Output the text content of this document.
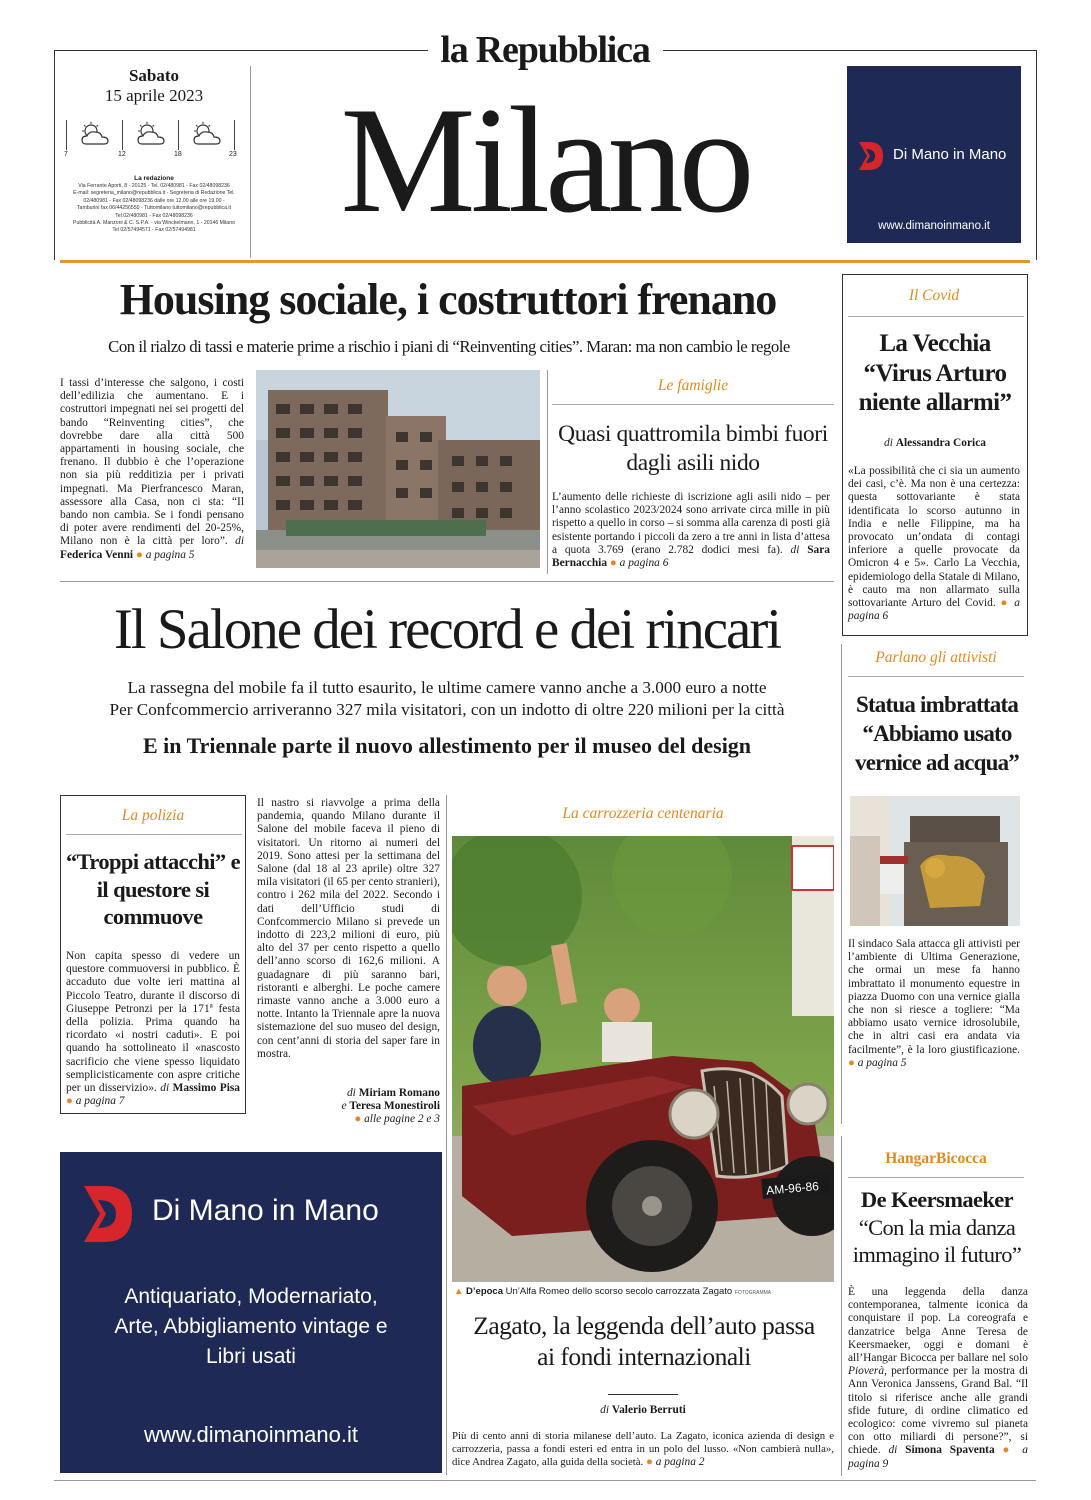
la Repubblica
Milano
Sabato
15 aprile 2023
7	12	18	23
La redazione
Via Ferrante Aporti, 8 - 20125 - Tel. 02/480981 - Fax 02/48098236
E-mail: segreteria_milano@repubblica.it - Segreteria di Redazione Tel.
02/480981 - Fax 02/48098236 dalle ore 12.00 alle ore 19.00 -
Tamburini fax 06/44256550 - Tuttomilano tuttomilano@repubblica.it
Tel.02/480981 - Fax 02/48098236
Pubblicità A. Manzoni & C. S.P.A. - via Winckelmann, 1 - 20146 Milano
Tel 02/57494571 - Fax 02/57494981
Di Mano in Mano
www.dimanoinmano.it
Housing sociale, i costruttori frenano
Con il rialzo di tassi e materie prime a rischio i piani di “Reinventing cities”. Maran: ma non cambio le regole
I tassi d’interesse che salgono, i costi dell’edilizia che aumentano. E i costruttori impegnati nei sei progetti del bando “Reinventing cities”, che dovrebbe dare alla città 500 appartamenti in housing sociale, che frenano. Il dubbio è che l’operazione non sia più redditizia per i privati impegnati. Ma Pierfrancesco Maran, assessore alla Casa, non ci sta: “Il bando non cambia. Se i fondi pensano di poter avere rendimenti del 20-25%, Milano non è la città per loro”. di Federica Venni ● a pagina 5
Le famiglie
Quasi quattromila bimbi fuori dagli asili nido
L’aumento delle richieste di iscrizione agli asili nido – per l’anno scolastico 2023/2024 sono arrivate circa mille in più rispetto a quello in corso – si somma alla carenza di posti già esistente portando i piccoli da zero a tre anni in lista d’attesa a quota 3.769 (erano 2.782 dodici mesi fa). di Sara Bernacchia ● a pagina 6
Il Covid
La Vecchia “Virus Arturo niente allarmi”
di Alessandra Corica
«La possibilità che ci sia un aumento dei casi, c’è. Ma non è una certezza: questa sottovariante è stata identificata lo scorso autunno in India e nelle Filippine, ma ha provocato un’ondata di contagi inferiore a quelle provocate da Omicron 4 e 5». Carlo La Vecchia, epidemiologo della Statale di Milano, è cauto ma non allarmato sulla sottovariante Arturo del Covid. ● a pagina 6
Il Salone dei record e dei rincari
La rassegna del mobile fa il tutto esaurito, le ultime camere vanno anche a 3.000 euro a notte
Per Confcommercio arriveranno 327 mila visitatori, con un indotto di oltre 220 milioni per la città
E in Triennale parte il nuovo allestimento per il museo del design
La polizia
“Troppi attacchi” e il questore si commuove
Non capita spesso di vedere un questore commuoversi in pubblico. È accaduto due volte ieri mattina al Piccolo Teatro, durante il discorso di Giuseppe Petronzi per la 171ª festa della polizia. Prima quando ha ricordato «i nostri caduti». E poi quando ha sottolineato il «nascosto sacrificio che viene spesso liquidato semplicisticamente con aspre critiche per un disservizio». di Massimo Pisa ● a pagina 7
Il nastro si riavvolge a prima della pandemia, quando Milano durante il Salone del mobile faceva il pieno di visitatori. Un ritorno ai numeri del 2019. Sono attesi per la settimana del Salone (dal 18 al 23 aprile) oltre 327 mila visitatori (il 65 per cento stranieri), contro i 262 mila del 2022. Secondo i dati dell’Ufficio studi di Confcommercio Milano si prevede un indotto di 223,2 milioni di euro, più alto del 37 per cento rispetto a quello dell’anno scorso di 162,6 milioni. A guadagnare di più saranno bari, ristoranti e alberghi. Le poche camere rimaste vanno anche a 3.000 euro a notte. Intanto la Triennale apre la nuova sistemazione del suo museo del design, con cent’anni di storia del saper fare in mostra.
di Miriam Romano
e Teresa Monestiroli
● alle pagine 2 e 3
La carrozzeria centenaria
AM-96-86
▲ D’epoca Un’Alfa Romeo dello scorso secolo carrozzata Zagato FOTOGRAMMA
Zagato, la leggenda dell’auto passa ai fondi internazionali
di Valerio Berruti
Più di cento anni di storia milanese dell’auto. La Zagato, iconica azienda di design e carrozzeria, passa a fondi esteri ed entra in un polo del lusso. «Non cambierà nulla», dice Andrea Zagato, alla guida della società. ● a pagina 2
Parlano gli attivisti
Statua imbrattata “Abbiamo usato vernice ad acqua”
Il sindaco Sala attacca gli attivisti per l’ambiente di Ultima Generazione, che ormai un mese fa hanno imbrattato il monumento equestre in piazza Duomo con una vernice gialla che non si riesce a togliere: “Ma abbiamo usato vernice idrosolubile, che in altri casi era andata via facilmente”, è la loro giustificazione. ● a pagina 5
Di Mano in Mano
Antiquariato, Modernariato,
Arte, Abbigliamento vintage e
Libri usati
www.dimanoinmano.it
HangarBicocca
De Keersmaeker
“Con la mia danza immagino il futuro”
È una leggenda della danza contemporanea, talmente iconica da conquistare il pop. La coreografa e danzatrice belga Anne Teresa de Keersmaeker, oggi e domani è all’Hangar Bicocca per ballare nel solo Pioverà, performance per la mostra di Ann Veronica Janssens, Grand Bal. “Il titolo si riferisce anche alle grandi sfide future, di ordine climatico ed ecologico: come vivremo sul pianeta con otto miliardi di persone?”, si chiede. di Simona Spaventa ● a pagina 9
